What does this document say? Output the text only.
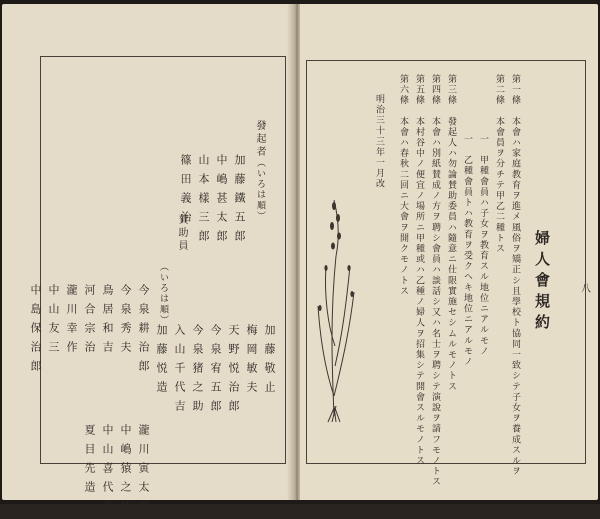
發起者
（いろは順）
加藤鐵五郎
中嶋甚太郎
山本樣三郎
篠田義治
賛助員
（いろは順）
今泉耕治郎
今泉秀夫
鳥居和吉
河合宗治
瀧川幸作
中山友三
中島保治郎	加藤敬止
梅岡敏夫
天野悦治郎
今泉宥五郎
今泉猪之助
入山千代吉
加藤悦造
瀧川寅太郎
中嶋猿之助
中山喜代作
夏目先造
婦人會規約
第一條　本會ハ家庭教育ヲ進メ風俗ヲ矯正シ且學校ト協同一致シテ子女ヲ養成スルヲ
第二條　本會員ヲ分チテ甲乙二種トス
一　甲種會員ハ子女ヲ教育スル地位ニアルモノ
一　乙種會員トハ教育ヲ受クヘキ地位ニアルモノ
第三條　發起人ハ勿論賛助委員ハ隨意ニ仕限實施セシムルモノトス
第四條　本會ハ別紙賛成ノ方ヲ聘シ會員ハ談話シ又ハ名士ヲ聘シテ演說ヲ請フモノトス
第五條　本村谷中ノ便宜ノ場所ニ甲種或ハ乙種ノ婦人ヲ招集シテ開會スルモノトス
第六條　本會ハ春秋二回ニ大會ヲ開クモノトス
明治三十三年一月改
八
